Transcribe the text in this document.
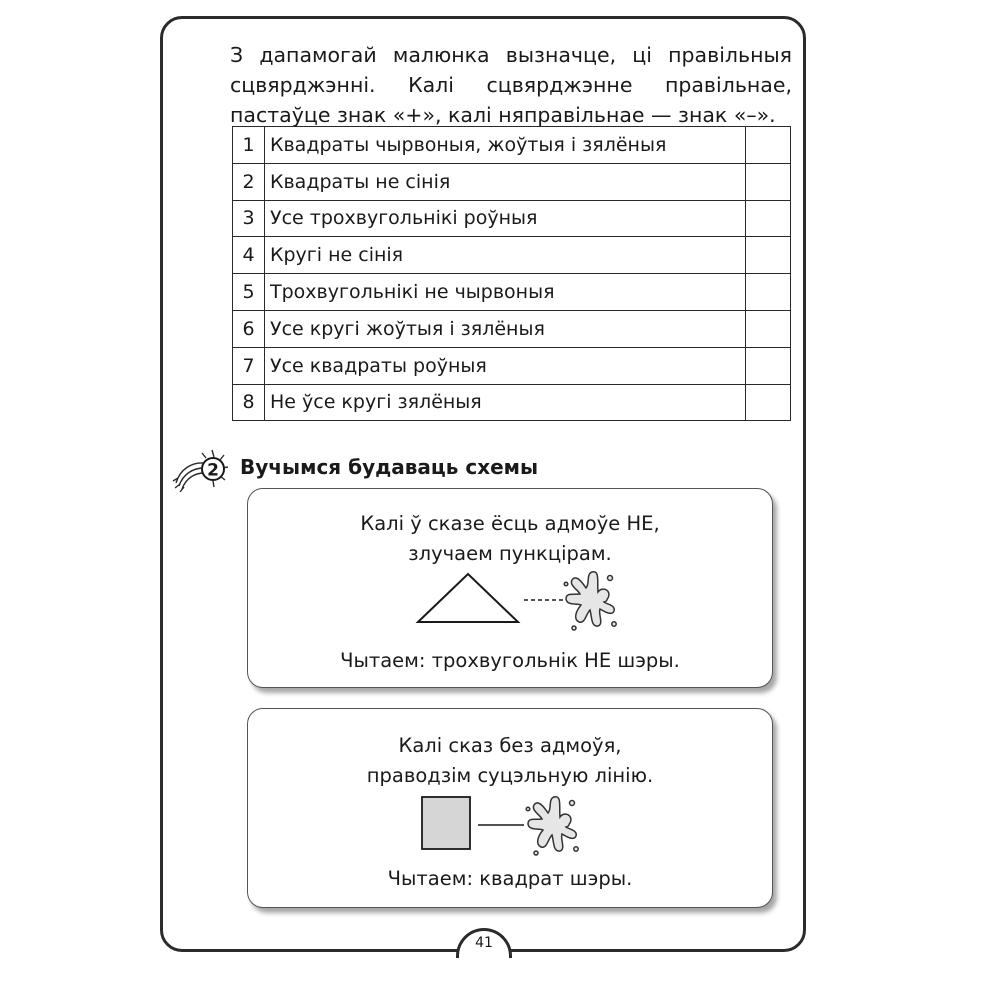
З дапамогай малюнка вызначце, ці правільныя сцвярджэнні. Калі сцвярджэнне правільнае, пастаўце знак «+», калі няправільнае — знак «–».

1	Квадраты чырвоныя, жоўтыя і зялёныя	
2	Квадраты не сінія	
3	Усе трохвугольнікі роўныя	
4	Кругі не сінія	
5	Трохвугольнікі не чырвоныя	
6	Усе кругі жоўтыя і зялёныя	
7	Усе квадраты роўныя	
8	Не ўсе кругі зялёныя	
2 Вучымся будаваць схемы

Калі ў сказе ёсць адмоўе НЕ,
злучаем пункцірам.

Чытаем: трохвугольнік НЕ шэры.

Калі сказ без адмоўя,
праводзім суцэльную лінію.

Чытаем: квадрат шэры.

41
